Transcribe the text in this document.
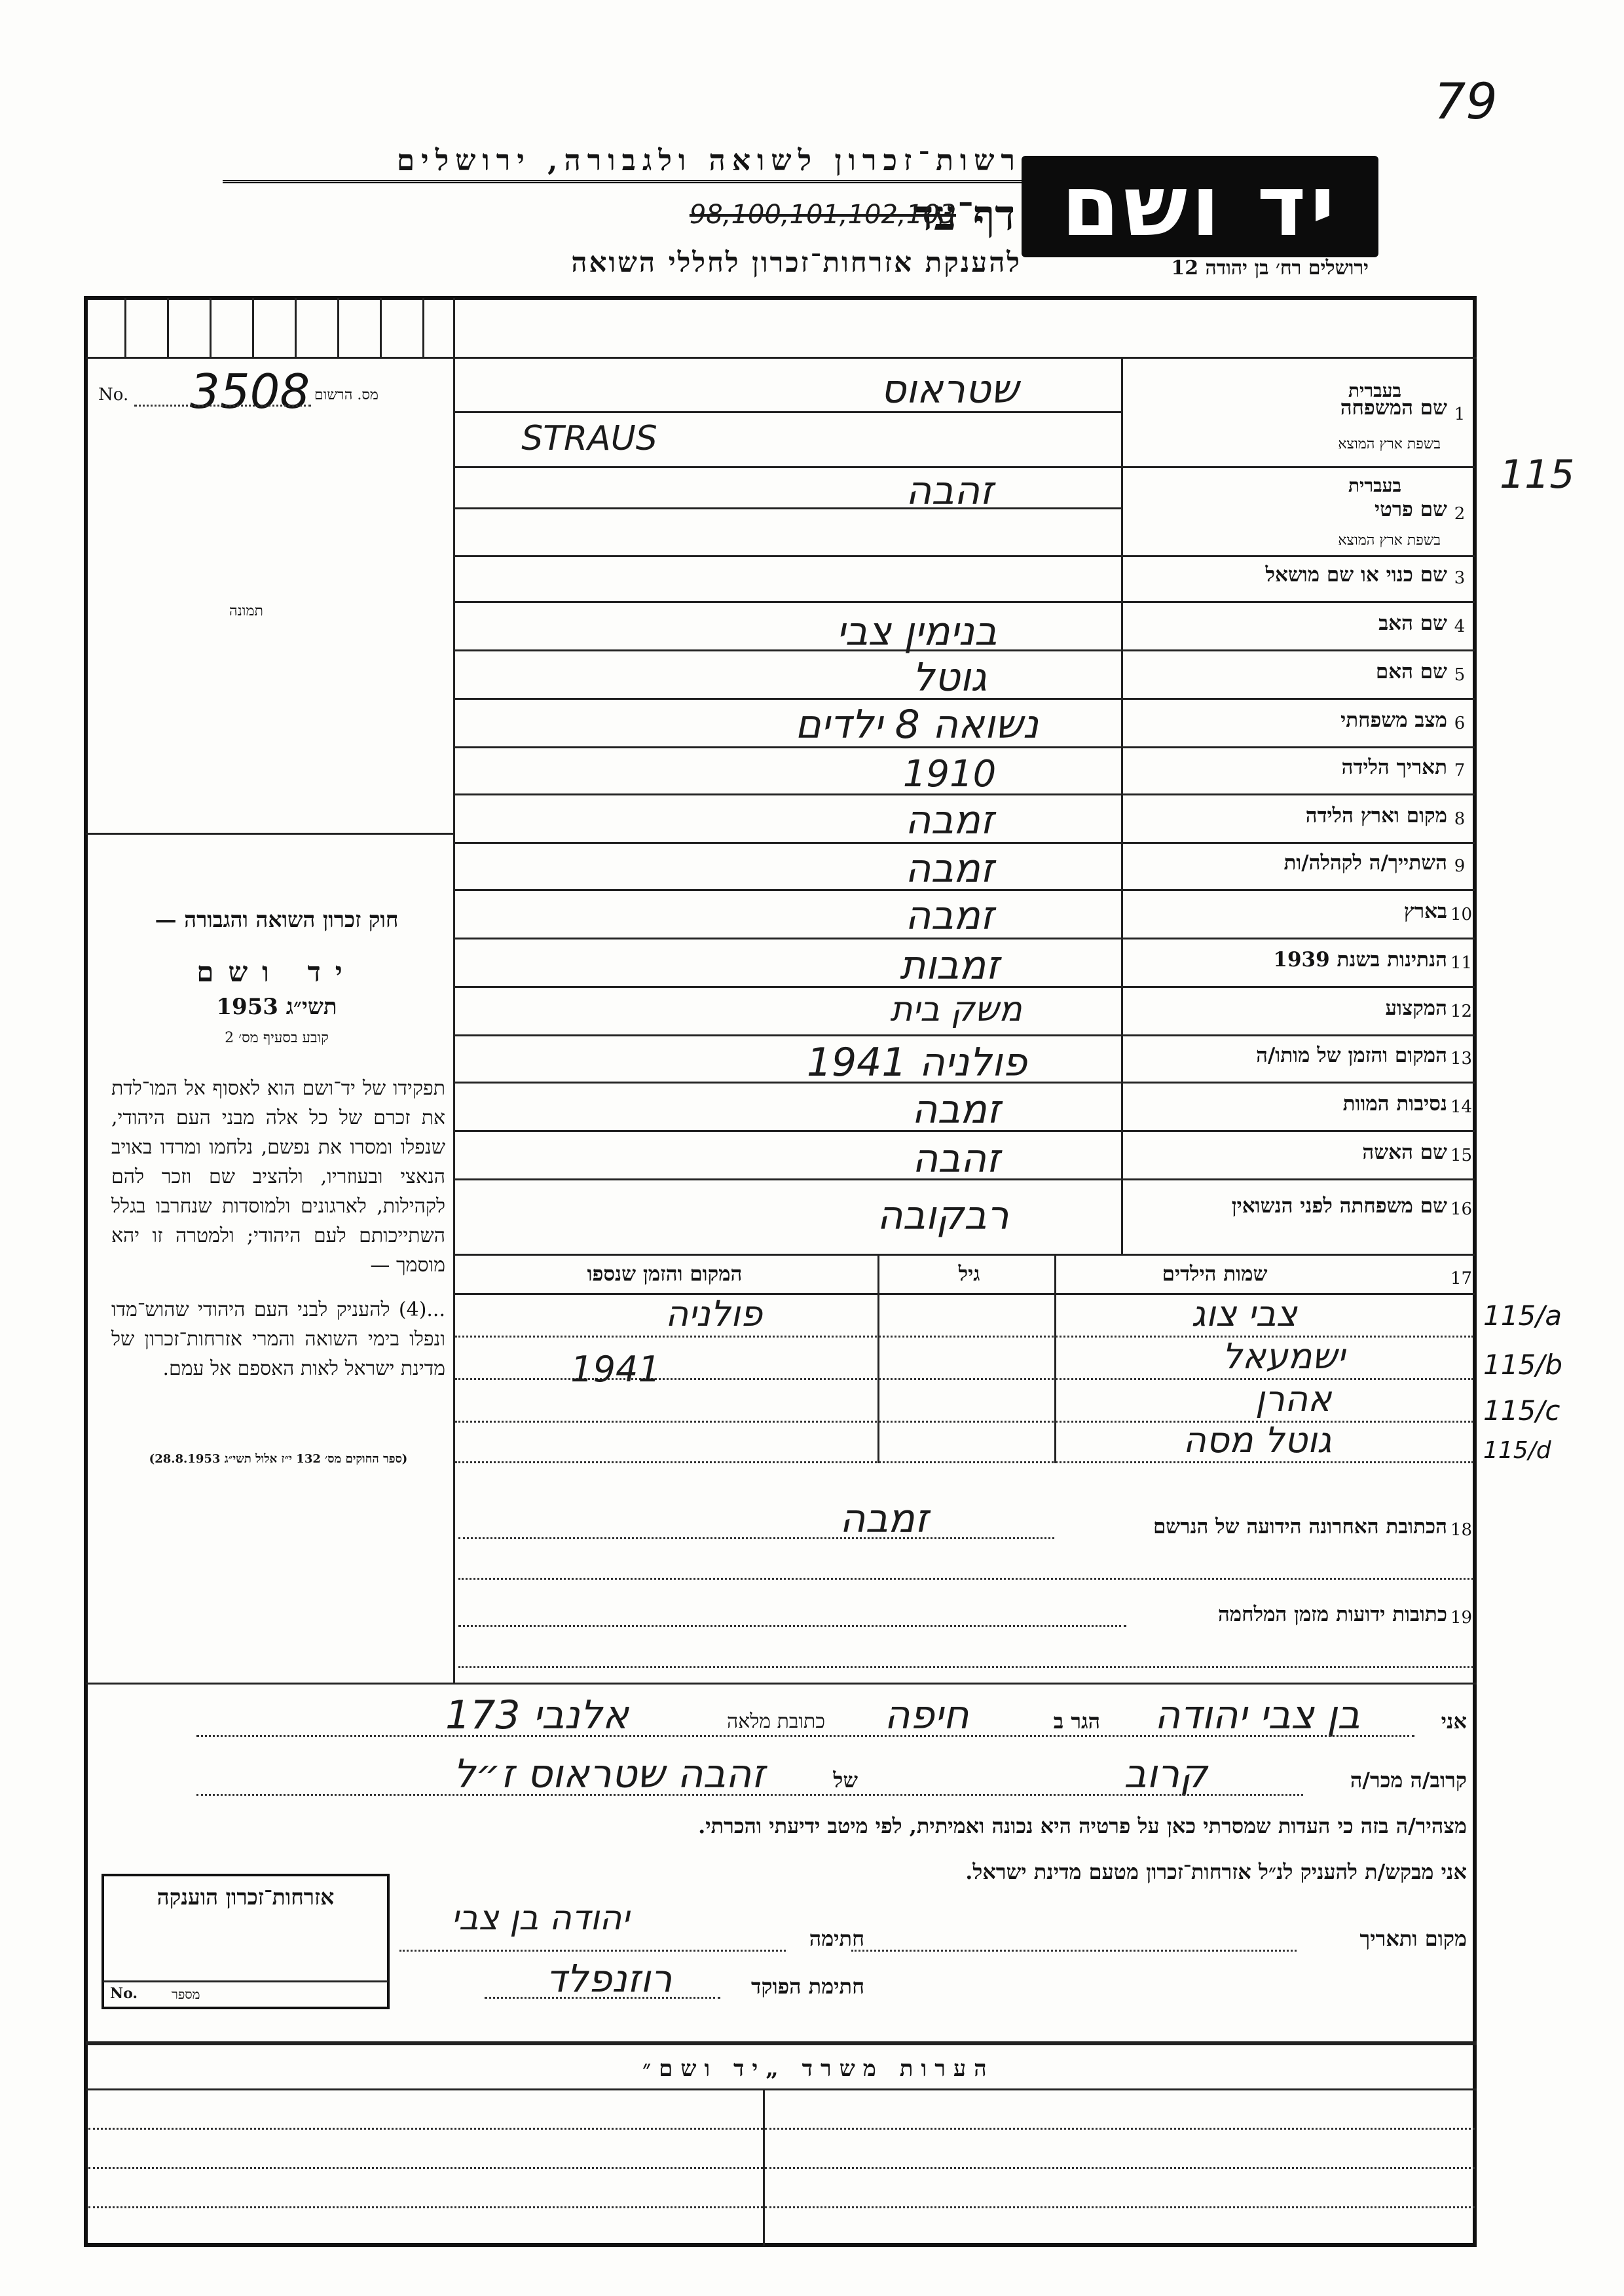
79
רשות־זכרון לשואה ולגבורה, ירושלים יד ושם
ירושלים רח׳ בן יהודה 12
דף־עד
98,100,101,102,103
להענקת אזרחות־זכרון לחללי השואה
115
No. 3508 מס. הרשום
תמונה
חוק זכרון השואה והגבורה —
יד ושם
תשי״ג 1953
קובע בסעיף מס׳ 2
תפקידו של יד־ושם הוא לאסוף אל המו־לדת את זכרם של כל אלה מבני העם היהודי, שנפלו ומסרו את נפשם, נלחמו ומרדו באויב הנאצי ובעוזריו, ולהציב שם וזכר להם לקהילות, לארגונים ולמוסדות שנחרבו בגלל השתייכותם לעם היהודי; ולמטרה זו יהא מוסמך —
...(4) להעניק לבני העם היהודי שהוש־מדו ונפלו בימי השואה והמרי אזרחות־זכרון של מדינת ישראל לאות האספם אל עמם.
(ספר החוקים מס׳ 132 י״ז אלול תשי״ג 28.8.1953)
1
שם המשפחה
בעברית
בשפת ארץ המוצא
שטראוס
STRAUS
2
שם פרטי
בעברית
בשפת ארץ המוצא
זהבה
3
שם כנוי או שם מושאל
4
שם האב
בנימין צבי
5
שם האם
גוטל
6
מצב משפחתי
נשואה 8 ילדים
7
תאריך הלידה
1910
8
מקום וארץ הלידה
זמבה
9
השתייך/ה לקהלה/ות
זמבה
10
בארץ
זמבה
11
הנתינות בשנת 1939
זמבות
12
המקצוע
משק בית
13
המקום והזמן של מותו/ה
פולניה 1941
14
נסיבות המוות
זמבה
15
שם האשה
זהבה
16
שם משפחתה לפני הנשואין
רבקובה
17
שמות הילדים
גיל
המקום והזמן שנספו
צבי צוג
ישמעאל
אהרן
גוטל מסה
פולניה
1941
115/a
115/b
115/c
115/d
18
הכתובת האחרונה הידועה של הנרשם
זמבה
19
כתובות ידועות מזמן המלחמה
אני
בן צבי יהודה
הגר ב
חיפה
כתובת מלאה
אלנבי 173
קרוב/ה מכר/ה
קרוב
של
זהבה שטראוס ז״ל
מצהיר/ה בזה כי העדות שמסרתי כאן על פרטיה היא נכונה ואמיתית, לפי מיטב ידיעתי והכרתי.
אני מבקש/ת להעניק לנ״ל אזרחות־זכרון מטעם מדינת ישראל.
מקום ותאריך
חתימה
יהודה בן צבי
חתימת הפוקד
רוזנפלד
אזרחות־זכרון הוענקה
No.	מספר
הערות משרד „יד ושם״
